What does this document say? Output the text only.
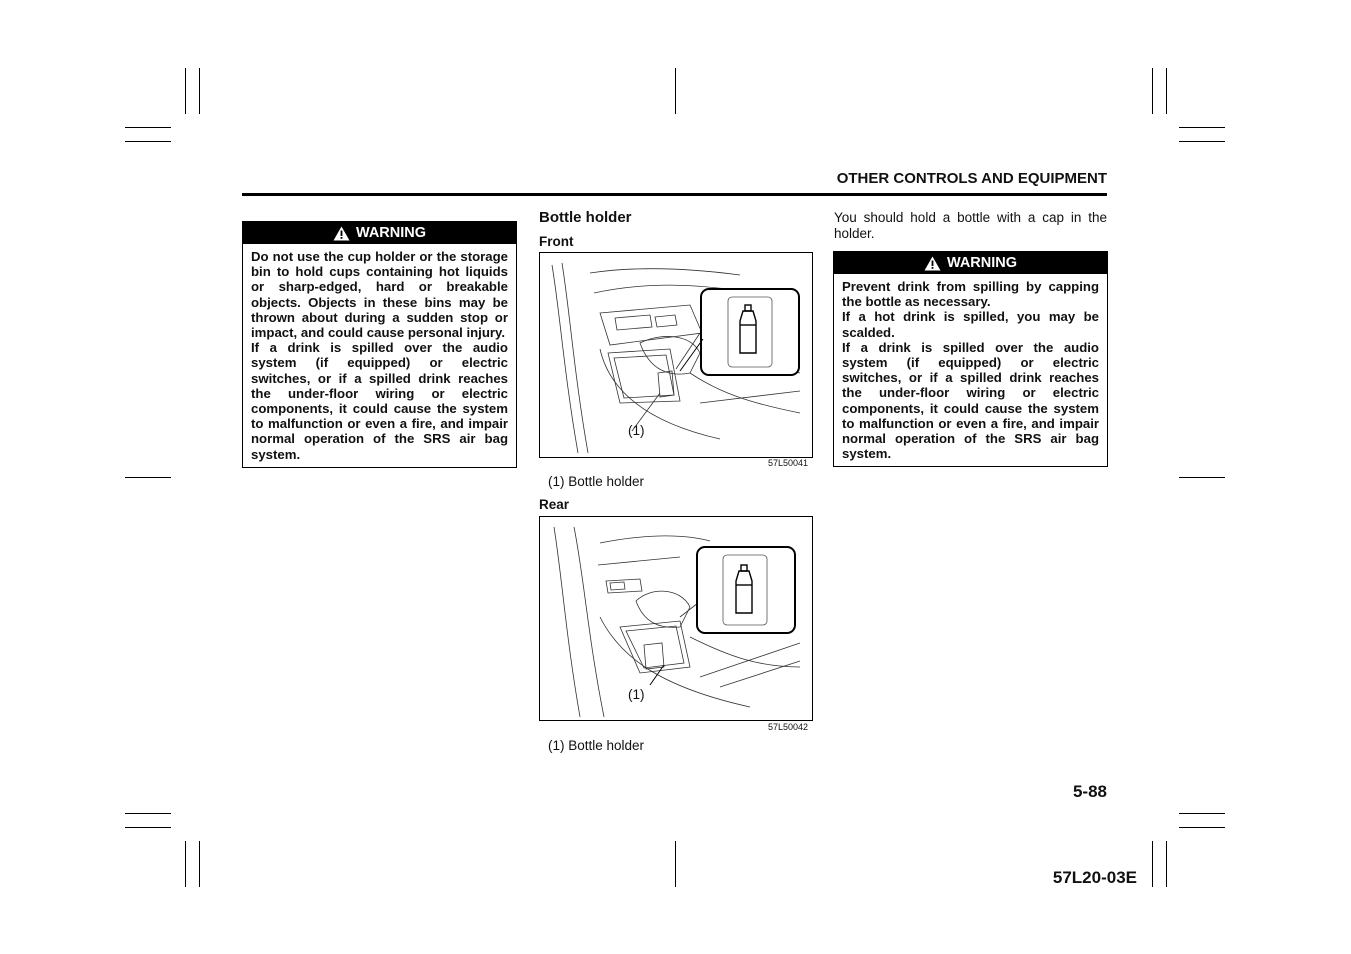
OTHER CONTROLS AND EQUIPMENT
WARNING

Do not use the cup holder or the storage bin to hold cups containing hot liquids or sharp-edged, hard or breakable objects. Objects in these bins may be thrown about during a sudden stop or impact, and could cause personal injury.

If a drink is spilled over the audio system (if equipped) or electric switches, or if a spilled drink reaches the under-floor wiring or electric components, it could cause the system to malfunction or even a fire, and impair normal operation of the SRS air bag system.

Bottle holder
Front
(1)
57L50041
(1) Bottle holder
Rear
(1)
57L50042
(1) Bottle holder
You should hold a bottle with a cap in the holder.
WARNING

Prevent drink from spilling by capping the bottle as necessary.

If a hot drink is spilled, you may be scalded.

If a drink is spilled over the audio system (if equipped) or electric switches, or if a spilled drink reaches the under-floor wiring or electric components, it could cause the system to malfunction or even a fire, and impair normal operation of the SRS air bag system.

5-88
57L20-03E
